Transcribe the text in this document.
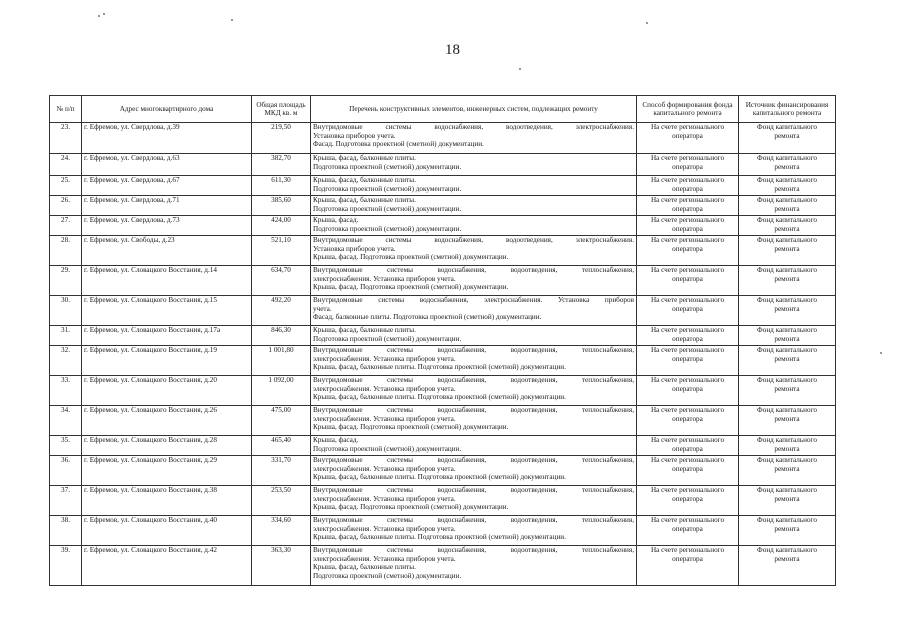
18
№ п/п	Адрес многоквартирного дома	Общая площадь МКД кв. м	Перечень конструктивных элементов, инженерных систем, подлежащих ремонту	Способ формирования фонда капитального ремонта	Источник финансирования капитального ремонта
23.	г. Ефремов, ул. Свердлова, д.39	219,50	Внутридомовые системы водоснабжения, водоотведения, электроснабжения.
Установка приборов учета.
Фасад. Подготовка проектной (сметной) документации.	На счете регионального
оператора	Фонд капитального
ремонта

24.	г. Ефремов, ул. Свердлова, д.63	382,70	Крыша, фасад, балконные плиты.
Подготовка проектной (сметной) документации.	На счете регионального
оператора	Фонд капитального
ремонта

25.	г. Ефремов, ул. Свердлова, д.67	611,30	Крыша, фасад, балконные плиты.
Подготовка проектной (сметной) документации.	На счете регионального
оператора	Фонд капитального
ремонта

26.	г. Ефремов, ул. Свердлова, д.71	385,60	Крыша, фасад, балконные плиты.
Подготовка проектной (сметной) документации.	На счете регионального
оператора	Фонд капитального
ремонта

27.	г. Ефремов, ул. Свердлова, д.73	424,00	Крыша, фасад.
Подготовка проектной (сметной) документации.	На счете регионального
оператора	Фонд капитального
ремонта

28.	г. Ефремов, ул. Свободы, д.23	521,10	Внутридомовые системы водоснабжения, водоотведения, электроснабжения.
Установка приборов учета.
Крыша, фасад. Подготовка проектной (сметной) документации.	На счете регионального
оператора	Фонд капитального
ремонта

29.	г. Ефремов, ул. Словацкого Восстания, д.14	634,70	Внутридомовые системы водоснабжения, водоотведения, теплоснабжения,
электроснабжения. Установка приборов учета.
Крыша, фасад. Подготовка проектной (сметной) документации.	На счете регионального
оператора	Фонд капитального
ремонта

30.	г. Ефремов, ул. Словацкого Восстания, д.15	492,20	Внутридомовые системы водоснабжения, электроснабжения. Установка приборов
учета.
Фасад, балконные плиты. Подготовка проектной (сметной) документации.	На счете регионального
оператора	Фонд капитального
ремонта

31.	г. Ефремов, ул. Словацкого Восстания, д.17а	846,30	Крыша, фасад, балконные плиты.
Подготовка проектной (сметной) документации.	На счете регионального
оператора	Фонд капитального
ремонта

32.	г. Ефремов, ул. Словацкого Восстания, д.19	1 001,80	Внутридомовые системы водоснабжения, водоотведения, теплоснабжения,
электроснабжения. Установка приборов учета.
Крыша, фасад, балконные плиты. Подготовка проектной (сметной) документации.	На счете регионального
оператора	Фонд капитального
ремонта

33.	г. Ефремов, ул. Словацкого Восстания, д.20	1 092,00	Внутридомовые системы водоснабжения, водоотведения, теплоснабжения,
электроснабжения. Установка приборов учета.
Крыша, фасад, балконные плиты. Подготовка проектной (сметной) документации.	На счете регионального
оператора	Фонд капитального
ремонта

34.	г. Ефремов, ул. Словацкого Восстания, д.26	475,00	Внутридомовые системы водоснабжения, водоотведения, теплоснабжения,
электроснабжения. Установка приборов учета.
Крыша, фасад. Подготовка проектной (сметной) документации.	На счете регионального
оператора	Фонд капитального
ремонта

35.	г. Ефремов, ул. Словацкого Восстания, д.28	465,40	Крыша, фасад.
Подготовка проектной (сметной) документации.	На счете регионального
оператора	Фонд капитального
ремонта

36.	г. Ефремов, ул. Словацкого Восстания, д.29	331,70	Внутридомовые системы водоснабжения, водоотведения, теплоснабжения,
электроснабжения. Установка приборов учета.
Крыша, фасад, балконные плиты. Подготовка проектной (сметной) документации.	На счете регионального
оператора	Фонд капитального
ремонта

37.	г. Ефремов, ул. Словацкого Восстания, д.38	253,50	Внутридомовые системы водоснабжения, водоотведения, теплоснабжения,
электроснабжения. Установка приборов учета.
Крыша, фасад. Подготовка проектной (сметной) документации.	На счете регионального
оператора	Фонд капитального
ремонта

38.	г. Ефремов, ул. Словацкого Восстания, д.40	334,60	Внутридомовые системы водоснабжения, водоотведения, теплоснабжения,
электроснабжения. Установка приборов учета.
Крыша, фасад, балконные плиты. Подготовка проектной (сметной) документации.	На счете регионального
оператора	Фонд капитального
ремонта

39.	г. Ефремов, ул. Словацкого Восстания, д.42	363,30	Внутридомовые системы водоснабжения, водоотведения, теплоснабжения,
электроснабжения. Установка приборов учета.
Крыша, фасад, балконные плиты.
Подготовка проектной (сметной) документации.	На счете регионального
оператора	Фонд капитального
ремонта
